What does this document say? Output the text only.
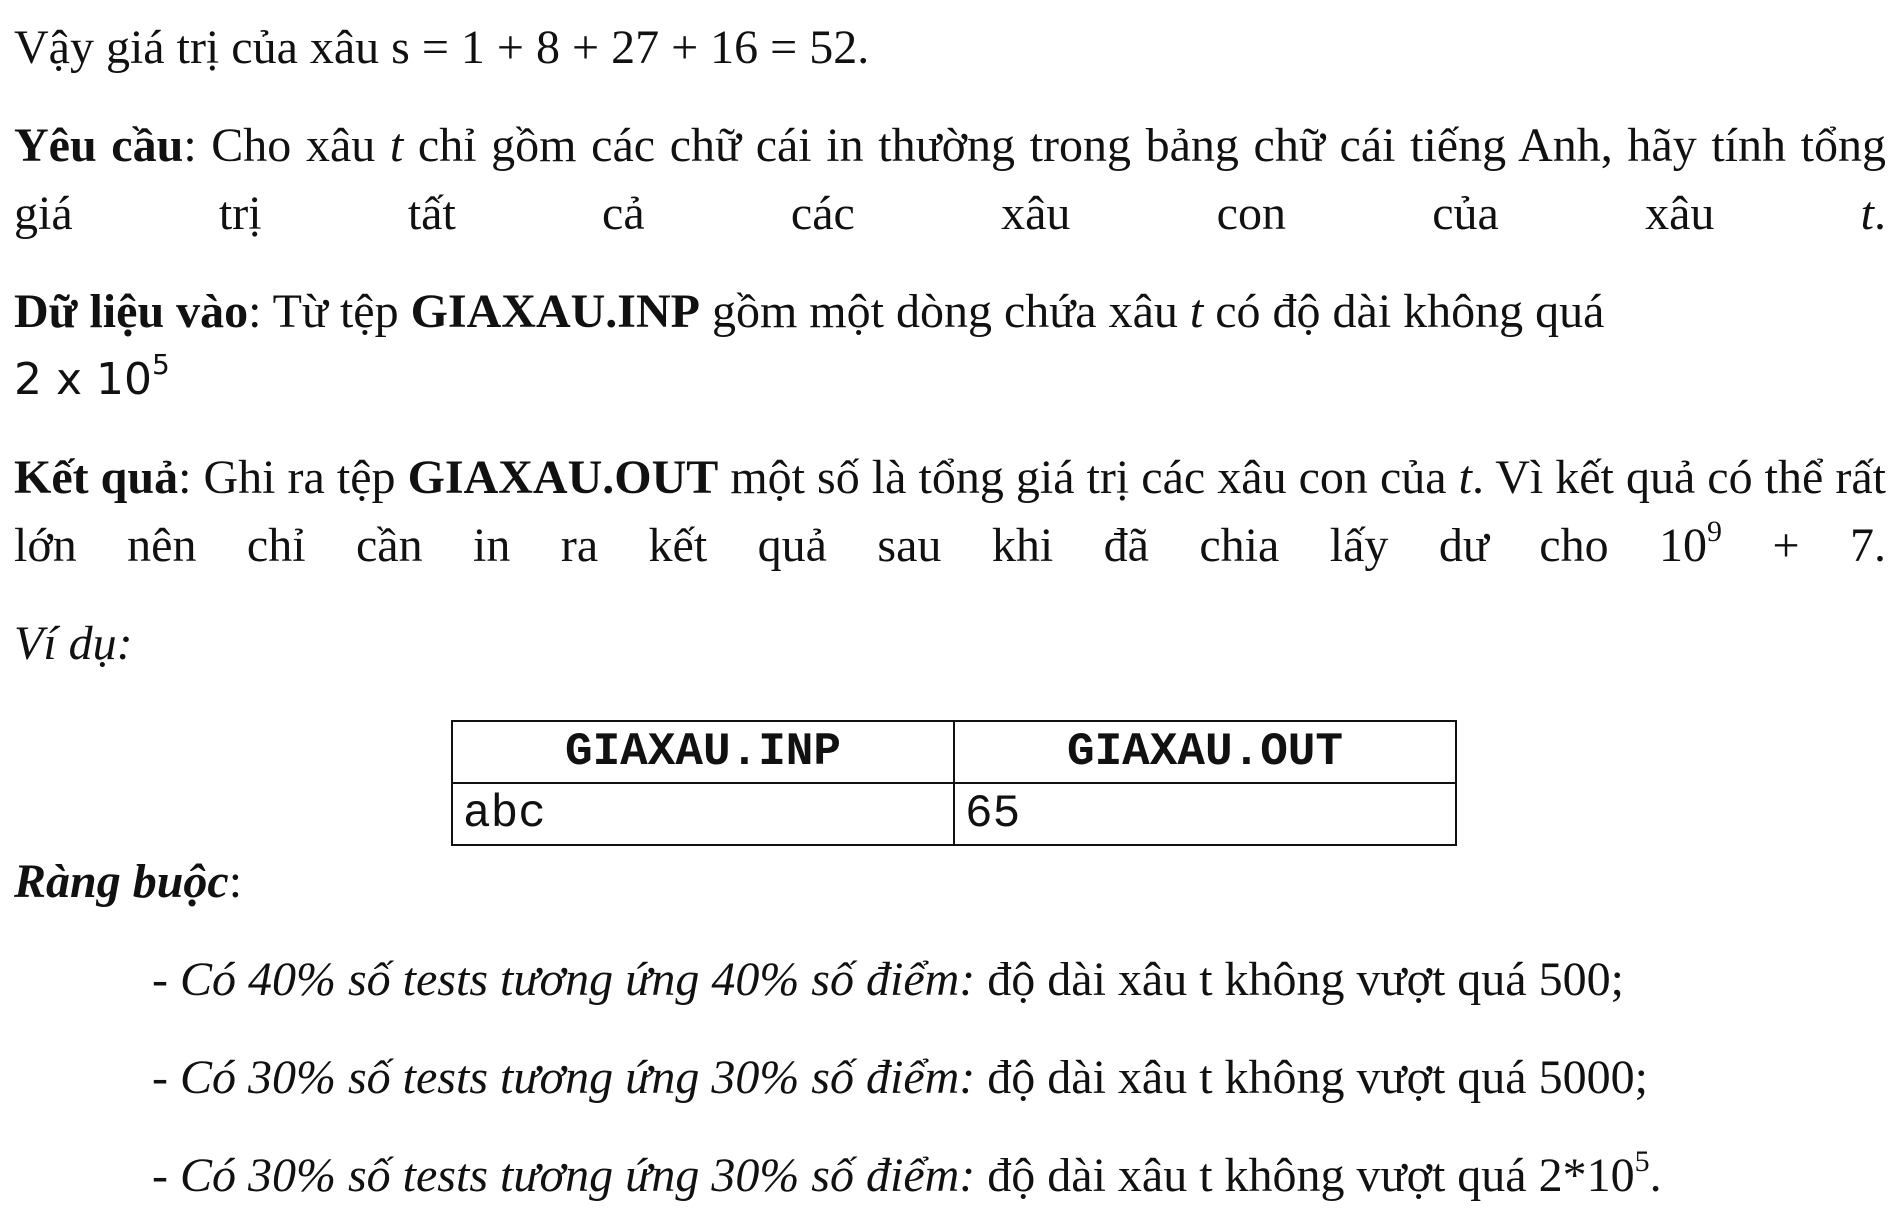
Vậy giá trị của xâu s = 1 + 8 + 27 + 16 = 52.
Yêu cầu: Cho xâu t chỉ gồm các chữ cái in thường trong bảng chữ cái tiếng Anh, hãy tính tổng giá trị tất cả các xâu con của xâu t.
Dữ liệu vào: Từ tệp GIAXAU.INP gồm một dòng chứa xâu t có độ dài không quá
2 x $10^5$
Kết quả: Ghi ra tệp GIAXAU.OUT một số là tổng giá trị các xâu con của t. Vì kết quả có thể rất lớn nên chỉ cần in ra kết quả sau khi đã chia lấy dư cho $10^9 + 7$.
Ví dụ:
GIAXAU.INP	GIAXAU.OUT
abc	65
Ràng buộc:
- Có 40% số tests tương ứng 40% số điểm: độ dài xâu t không vượt quá 500;
- Có 30% số tests tương ứng 30% số điểm: độ dài xâu t không vượt quá 5000;
- Có 30% số tests tương ứng 30% số điểm: độ dài xâu t không vượt quá $2*10^5$.
